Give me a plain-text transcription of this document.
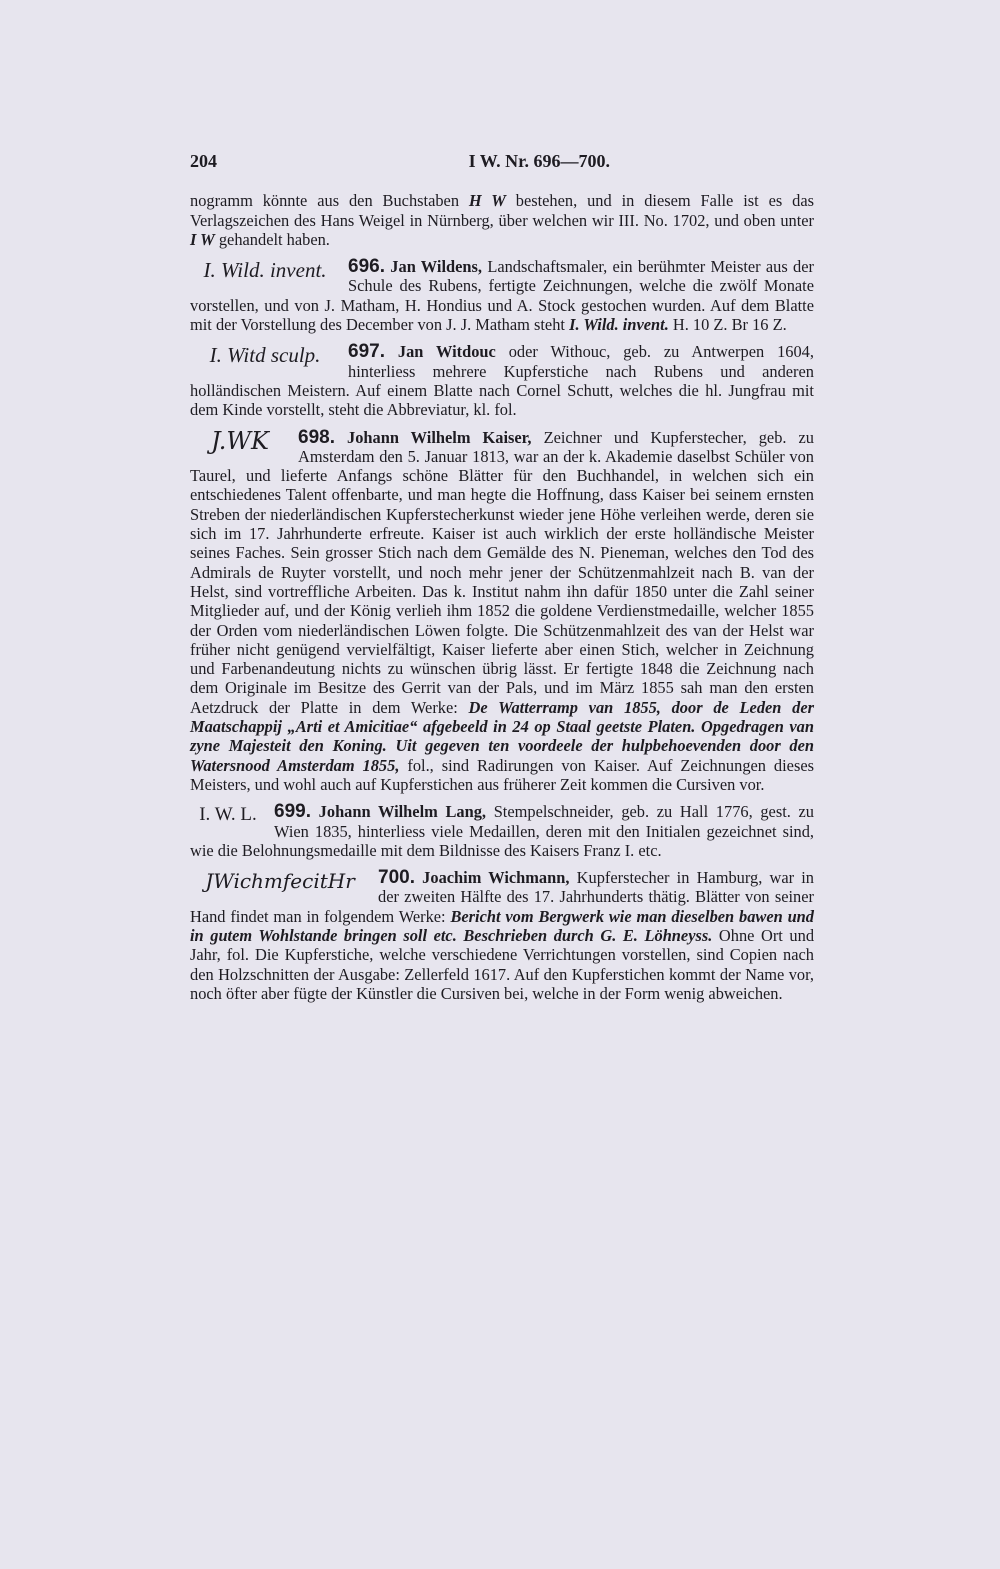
204	I W. Nr. 696—700.

nogramm könnte aus den Buchstaben H W bestehen, und in diesem Falle ist es das Verlagszeichen des Hans Weigel in Nürnberg, über welchen wir III. No. 1702, und oben unter I W gehandelt haben.

696. Jan Wildens,
I. Wild. invent.	Landschaftsmaler, ein berühmter Meister aus der Schule des Rubens, fertigte Zeichnungen, welche die zwölf Monate vorstellen, und von J. Matham, H. Hondius und A. Stock gestochen wurden. Auf dem Blatte mit der Vorstellung des December von J. J. Matham steht I. Wild. invent. H. 10 Z. Br 16 Z.

697. Jan Witdouc
I. Witd sculp.	oder Withouc, geb. zu Antwerpen 1604, hinterliess mehrere Kupferstiche nach Rubens und anderen holländischen Meistern. Auf einem Blatte nach Cornel Schutt, welches die hl. Jungfrau mit dem Kinde vorstellt, steht die Abbreviatur, kl. fol.

698. Johann Wilhelm Kaiser,
J.WK	Zeichner und Kupferstecher, geb. zu Amsterdam den 5. Januar 1813, war an der k. Akademie daselbst Schüler von Taurel, und lieferte Anfangs schöne Blätter für den Buchhandel, in welchen sich ein entschiedenes Talent offenbarte, und man hegte die Hoffnung, dass Kaiser bei seinem ernsten Streben der niederländischen Kupferstecherkunst wieder jene Höhe verleihen werde, deren sie sich im 17. Jahrhunderte erfreute. Kaiser ist auch wirklich der erste holländische Meister seines Faches. Sein grosser Stich nach dem Gemälde des N. Pieneman, welches den Tod des Admirals de Ruyter vorstellt, und noch mehr jener der Schützenmahlzeit nach B. van der Helst, sind vortreffliche Arbeiten. Das k. Institut nahm ihn dafür 1850 unter die Zahl seiner Mitglieder auf, und der König verlieh ihm 1852 die goldene Verdienstmedaille, welcher 1855 der Orden vom niederländischen Löwen folgte. Die Schützenmahlzeit des van der Helst war früher nicht genügend vervielfältigt, Kaiser lieferte aber einen Stich, welcher in Zeichnung und Farbenandeutung nichts zu wünschen übrig lässt. Er fertigte 1848 die Zeichnung nach dem Originale im Besitze des Gerrit van der Pals, und im März 1855 sah man den ersten Aetzdruck der Platte in dem Werke: De Watterramp van 1855, door de Leden der Maatschappij „Arti et Amicitiae“ afgebeeld in 24 op Staal geetste Platen. Opgedragen van zyne Majesteit den Koning. Uit gegeven ten voordeele der hulpbehoevenden door den Watersnood Amsterdam 1855, fol., sind Radirungen von Kaiser. Auf Zeichnungen dieses Meisters, und wohl auch auf Kupferstichen aus früherer Zeit kommen die Cursiven vor.

699. Johann Wilhelm Lang,
I. W. L.	Stempelschneider, geb. zu Hall 1776, gest. zu Wien 1835, hinterliess viele Medaillen, deren mit den Initialen gezeichnet sind, wie die Belohnungsmedaille mit dem Bildnisse des Kaisers Franz I. etc.

700. Joachim Wichmann,
JWichmfecitHr	Kupferstecher in Hamburg, war in der zweiten Hälfte des 17. Jahrhunderts thätig. Blätter von seiner Hand findet man in folgendem Werke: Bericht vom Bergwerk wie man dieselben bawen und in gutem Wohlstande bringen soll etc. Beschrieben durch G. E. Löhneyss. Ohne Ort und Jahr, fol. Die Kupferstiche, welche verschiedene Verrichtungen vorstellen, sind Copien nach den Holzschnitten der Ausgabe: Zellerfeld 1617. Auf den Kupferstichen kommt der Name vor, noch öfter aber fügte der Künstler die Cursiven bei, welche in der Form wenig abweichen.
